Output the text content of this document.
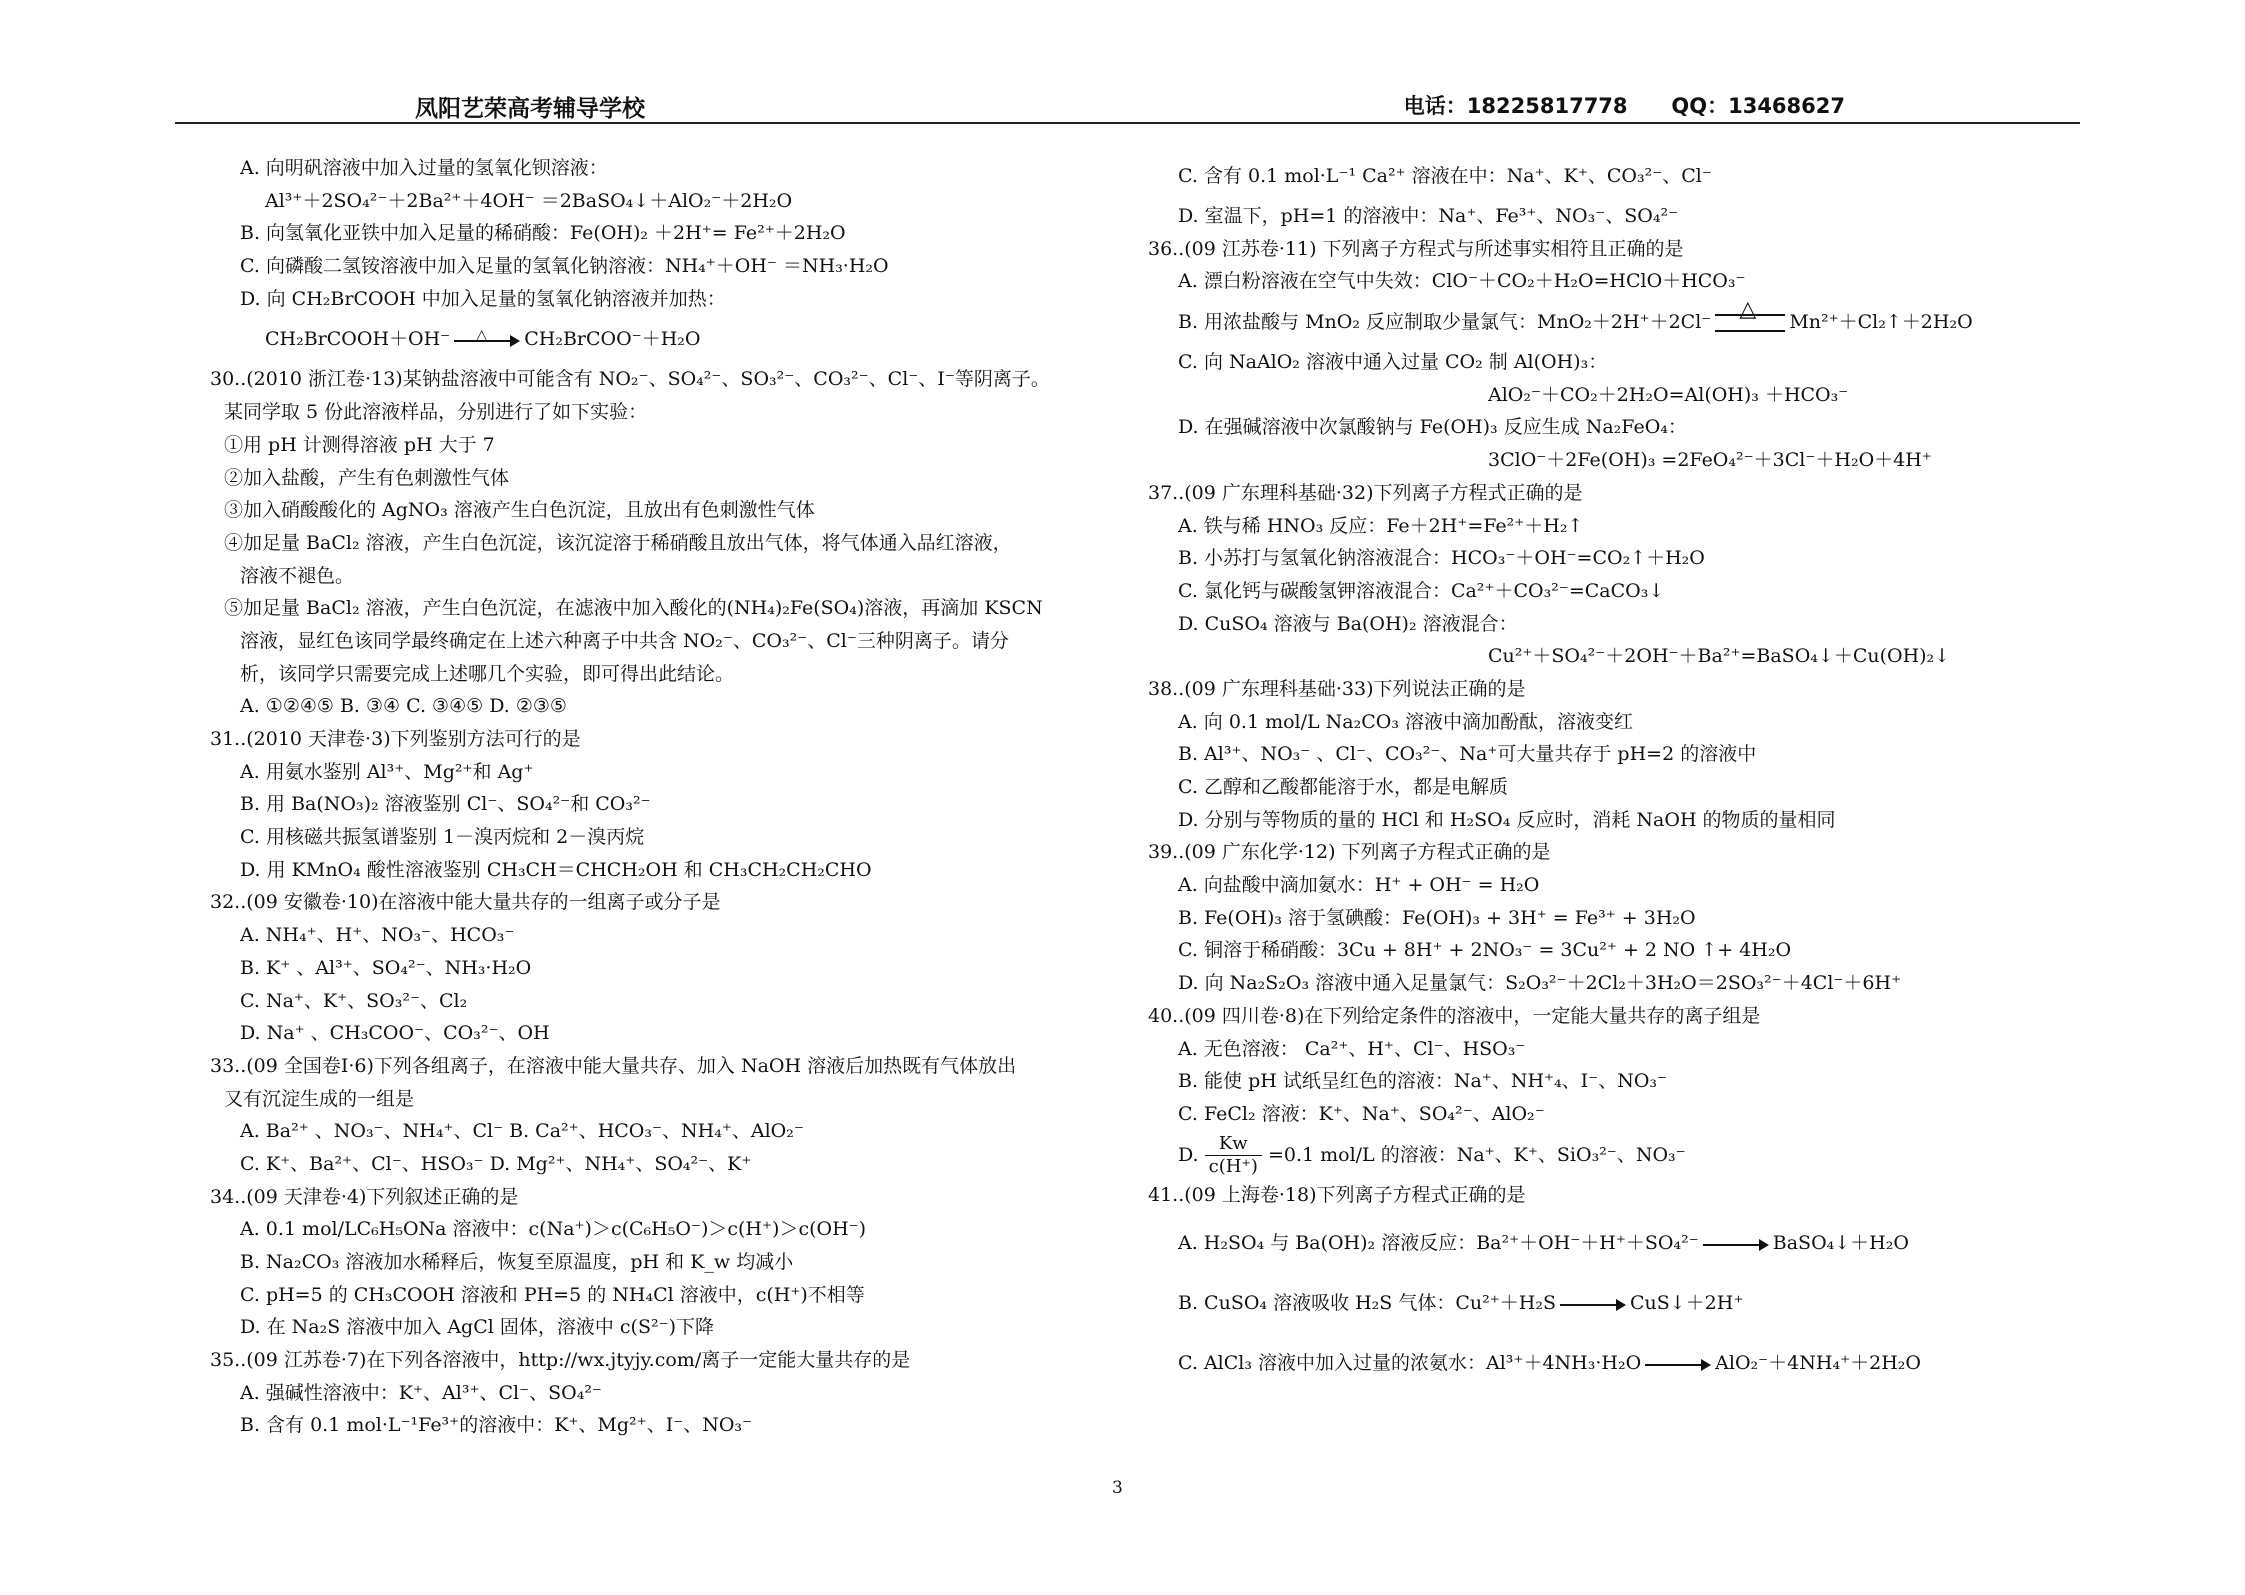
凤阳艺荣高考辅导学校	电话：18225817778      QQ：13468627
A. 向明矾溶液中加入过量的氢氧化钡溶液：
Al³⁺＋2SO₄²⁻＋2Ba²⁺＋4OH⁻ ＝2BaSO₄↓＋AlO₂⁻＋2H₂O
B. 向氢氧化亚铁中加入足量的稀硝酸：Fe(OH)₂ ＋2H⁺= Fe²⁺＋2H₂O
C. 向磷酸二氢铵溶液中加入足量的氢氧化钠溶液：NH₄⁺＋OH⁻ ＝NH₃·H₂O
D. 向 CH₂BrCOOH 中加入足量的氢氧化钠溶液并加热：
CH₂BrCOOH＋OH⁻ △ CH₂BrCOO⁻＋H₂O
30..(2010 浙江卷·13)某钠盐溶液中可能含有 NO₂⁻、SO₄²⁻、SO₃²⁻、CO₃²⁻、Cl⁻、I⁻等阴离子。
某同学取 5 份此溶液样品，分别进行了如下实验：
①用 pH 计测得溶液 pH 大于 7
②加入盐酸，产生有色刺激性气体
③加入硝酸酸化的 AgNO₃ 溶液产生白色沉淀，且放出有色刺激性气体
④加足量 BaCl₂ 溶液，产生白色沉淀，该沉淀溶于稀硝酸且放出气体，将气体通入品红溶液，
溶液不褪色。
⑤加足量 BaCl₂ 溶液，产生白色沉淀，在滤液中加入酸化的(NH₄)₂Fe(SO₄)溶液，再滴加 KSCN
溶液，显红色该同学最终确定在上述六种离子中共含 NO₂⁻、CO₃²⁻、Cl⁻三种阴离子。请分
析，该同学只需要完成上述哪几个实验，即可得出此结论。
A. ①②④⑤ B. ③④ C. ③④⑤ D. ②③⑤
31..(2010 天津卷·3)下列鉴别方法可行的是
A. 用氨水鉴别 Al³⁺、Mg²⁺和 Ag⁺
B. 用 Ba(NO₃)₂ 溶液鉴别 Cl⁻、SO₄²⁻和 CO₃²⁻
C. 用核磁共振氢谱鉴别 1－溴丙烷和 2－溴丙烷
D. 用 KMnO₄ 酸性溶液鉴别 CH₃CH＝CHCH₂OH 和 CH₃CH₂CH₂CHO
32..(09 安徽卷·10)在溶液中能大量共存的一组离子或分子是
A. NH₄⁺、H⁺、NO₃⁻、HCO₃⁻
B. K⁺ 、Al³⁺、SO₄²⁻、NH₃·H₂O
C. Na⁺、K⁺、SO₃²⁻、Cl₂
D. Na⁺ 、CH₃COO⁻、CO₃²⁻、OH
33..(09 全国卷Ⅰ·6)下列各组离子，在溶液中能大量共存、加入 NaOH 溶液后加热既有气体放出
又有沉淀生成的一组是
A. Ba²⁺ 、NO₃⁻、NH₄⁺、Cl⁻ B. Ca²⁺、HCO₃⁻、NH₄⁺、AlO₂⁻
C. K⁺、Ba²⁺、Cl⁻、HSO₃⁻ D. Mg²⁺、NH₄⁺、SO₄²⁻、K⁺
34..(09 天津卷·4)下列叙述正确的是
A. 0.1 mol/LC₆H₅ONa 溶液中：c(Na⁺)＞c(C₆H₅O⁻)＞c(H⁺)＞c(OH⁻)
B. Na₂CO₃ 溶液加水稀释后，恢复至原温度，pH 和 K_w 均减小
C. pH=5 的 CH₃COOH 溶液和 PH=5 的 NH₄Cl 溶液中，c(H⁺)不相等
D. 在 Na₂S 溶液中加入 AgCl 固体，溶液中 c(S²⁻)下降
35..(09 江苏卷·7)在下列各溶液中，http://wx.jtyjy.com/离子一定能大量共存的是
A. 强碱性溶液中：K⁺、Al³⁺、Cl⁻、SO₄²⁻
B. 含有 0.1 mol·L⁻¹Fe³⁺的溶液中：K⁺、Mg²⁺、I⁻、NO₃⁻
C. 含有 0.1 mol·L⁻¹ Ca²⁺ 溶液在中：Na⁺、K⁺、CO₃²⁻、Cl⁻
D. 室温下，pH=1 的溶液中：Na⁺、Fe³⁺、NO₃⁻、SO₄²⁻
36..(09 江苏卷·11) 下列离子方程式与所述事实相符且正确的是
A. 漂白粉溶液在空气中失效：ClO⁻＋CO₂＋H₂O=HClO＋HCO₃⁻
B. 用浓盐酸与 MnO₂ 反应制取少量氯气：MnO₂＋2H⁺＋2Cl⁻ △ Mn²⁺＋Cl₂↑＋2H₂O
C. 向 NaAlO₂ 溶液中通入过量 CO₂ 制 Al(OH)₃：
AlO₂⁻＋CO₂＋2H₂O=Al(OH)₃ ＋HCO₃⁻
D. 在强碱溶液中次氯酸钠与 Fe(OH)₃ 反应生成 Na₂FeO₄：
3ClO⁻＋2Fe(OH)₃ =2FeO₄²⁻＋3Cl⁻＋H₂O＋4H⁺
37..(09 广东理科基础·32)下列离子方程式正确的是
A. 铁与稀 HNO₃ 反应：Fe＋2H⁺=Fe²⁺＋H₂↑
B. 小苏打与氢氧化钠溶液混合：HCO₃⁻＋OH⁻=CO₂↑＋H₂O
C. 氯化钙与碳酸氢钾溶液混合：Ca²⁺＋CO₃²⁻=CaCO₃↓
D. CuSO₄ 溶液与 Ba(OH)₂ 溶液混合：
Cu²⁺＋SO₄²⁻＋2OH⁻＋Ba²⁺=BaSO₄↓＋Cu(OH)₂↓
38..(09 广东理科基础·33)下列说法正确的是
A. 向 0.1 mol/L Na₂CO₃ 溶液中滴加酚酞，溶液变红
B. Al³⁺、NO₃⁻ 、Cl⁻、CO₃²⁻、Na⁺可大量共存于 pH=2 的溶液中
C. 乙醇和乙酸都能溶于水，都是电解质
D. 分别与等物质的量的 HCl 和 H₂SO₄ 反应时，消耗 NaOH 的物质的量相同
39..(09 广东化学·12) 下列离子方程式正确的是
A. 向盐酸中滴加氨水：H⁺ + OH⁻ = H₂O
B. Fe(OH)₃ 溶于氢碘酸：Fe(OH)₃ + 3H⁺ = Fe³⁺ + 3H₂O
C. 铜溶于稀硝酸：3Cu + 8H⁺ + 2NO₃⁻ = 3Cu²⁺ + 2 NO ↑+ 4H₂O
D. 向 Na₂S₂O₃ 溶液中通入足量氯气：S₂O₃²⁻＋2Cl₂＋3H₂O＝2SO₃²⁻＋4Cl⁻＋6H⁺
40..(09 四川卷·8)在下列给定条件的溶液中，一定能大量共存的离子组是
A. 无色溶液： Ca²⁺、H⁺、Cl⁻、HSO₃⁻
B. 能使 pH 试纸呈红色的溶液：Na⁺、NH⁺₄、I⁻、NO₃⁻
C. FeCl₂ 溶液：K⁺、Na⁺、SO₄²⁻、AlO₂⁻
D. $\frac{Kw}{c(H^+)} =0.1$ mol/L 的溶液：Na⁺、K⁺、SiO₃²⁻、NO₃⁻
41..(09 上海卷·18)下列离子方程式正确的是
A. H₂SO₄ 与 Ba(OH)₂ 溶液反应：Ba²⁺＋OH⁻＋H⁺＋SO₄²⁻	BaSO₄↓＋H₂O
B. CuSO₄ 溶液吸收 H₂S 气体：Cu²⁺＋H₂S	CuS↓＋2H⁺
C. AlCl₃ 溶液中加入过量的浓氨水：Al³⁺＋4NH₃·H₂O	AlO₂⁻＋4NH₄⁺＋2H₂O
3
